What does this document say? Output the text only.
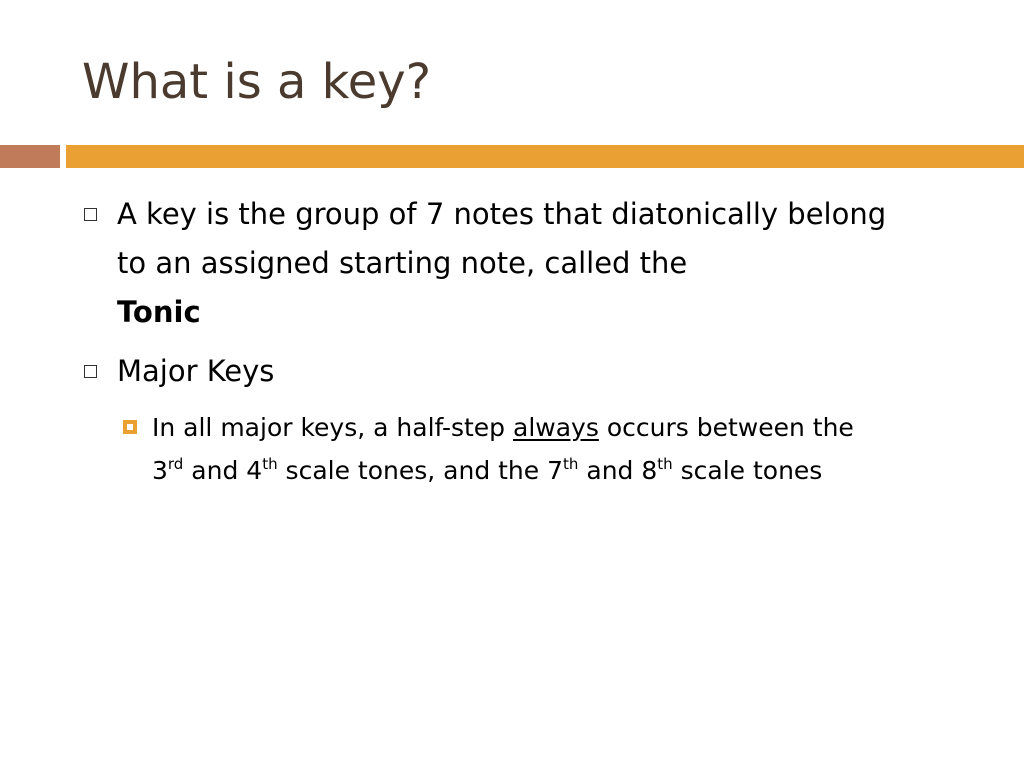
What is a key?
A key is the group of 7 notes that diatonically belong to an assigned starting note, called the
Tonic
Major Keys
In all major keys, a half-step always occurs between the
3rd and 4th scale tones, and the 7th and 8th scale tones
